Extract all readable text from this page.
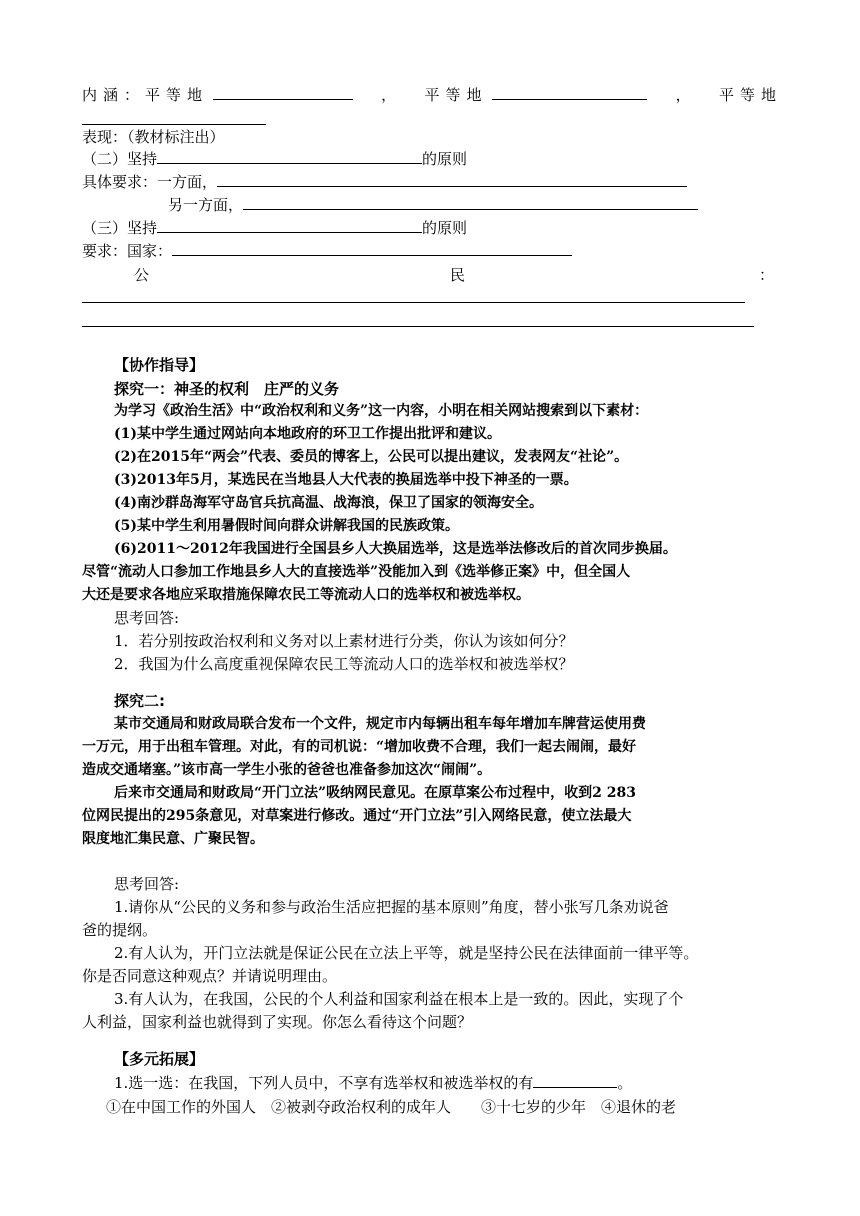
内涵：平等地	， 平等地	， 平等地
表现：（教材标注出）
（二）坚持	的原则
具体要求：一方面，
另一方面，
（三）坚持	的原则
要求：国家：
公	民	：
【协作指导】
探究一：神圣的权利　庄严的义务
为学习《政治生活》中“政治权利和义务”这一内容，小明在相关网站搜索到以下素材：
(1)某中学生通过网站向本地政府的环卫工作提出批评和建议。
(2)在2015年“两会”代表、委员的博客上，公民可以提出建议，发表网友“社论”。
(3)2013年5月，某选民在当地县人大代表的换届选举中投下神圣的一票。
(4)南沙群岛海军守岛官兵抗高温、战海浪，保卫了国家的领海安全。
(5)某中学生利用暑假时间向群众讲解我国的民族政策。
(6)2011～2012年我国进行全国县乡人大换届选举，这是选举法修改后的首次同步换届。
尽管“流动人口参加工作地县乡人大的直接选举”没能加入到《选举修正案》中，但全国人
大还是要求各地应采取措施保障农民工等流动人口的选举权和被选举权。
思考回答:
1．若分别按政治权利和义务对以上素材进行分类，你认为该如何分？
2．我国为什么高度重视保障农民工等流动人口的选举权和被选举权？
探究二:
某市交通局和财政局联合发布一个文件，规定市内每辆出租车每年增加车牌营运使用费
一万元，用于出租车管理。对此，有的司机说：“增加收费不合理，我们一起去闹闹，最好
造成交通堵塞。”该市高一学生小张的爸爸也准备参加这次“闹闹”。
后来市交通局和财政局“开门立法”吸纳网民意见。在原草案公布过程中，收到2 283
位网民提出的295条意见，对草案进行修改。通过“开门立法”引入网络民意，使立法最大
限度地汇集民意、广聚民智。
思考回答:
1.请你从“公民的义务和参与政治生活应把握的基本原则”角度，替小张写几条劝说爸
爸的提纲。
2.有人认为，开门立法就是保证公民在立法上平等，就是坚持公民在法律面前一律平等。
你是否同意这种观点？并请说明理由。
3.有人认为，在我国，公民的个人利益和国家利益在根本上是一致的。因此，实现了个
人利益，国家利益也就得到了实现。你怎么看待这个问题？
【多元拓展】
1.选一选：在我国，下列人员中，不享有选举权和被选举权的有	。
①在中国工作的外国人　②被剥夺政治权利的成年人　　③十七岁的少年　④退休的老
